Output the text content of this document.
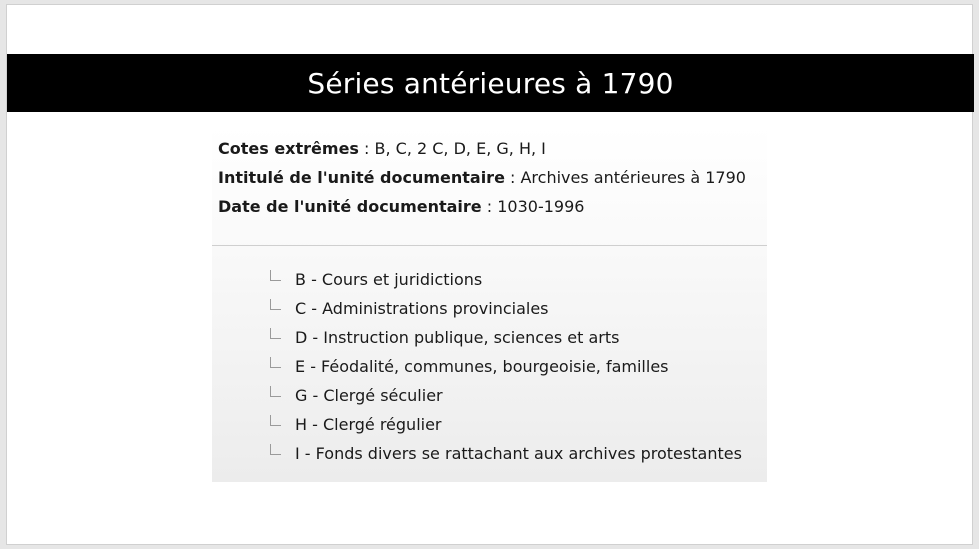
Séries antérieures à 1790
Cotes extrêmes : B, C, 2 C, D, E, G, H, I
Intitulé de l'unité documentaire : Archives antérieures à 1790
Date de l'unité documentaire : 1030-1996
B - Cours et juridictions
C - Administrations provinciales
D - Instruction publique, sciences et arts
E - Féodalité, communes, bourgeoisie, familles
G - Clergé séculier
H - Clergé régulier
I - Fonds divers se rattachant aux archives protestantes
